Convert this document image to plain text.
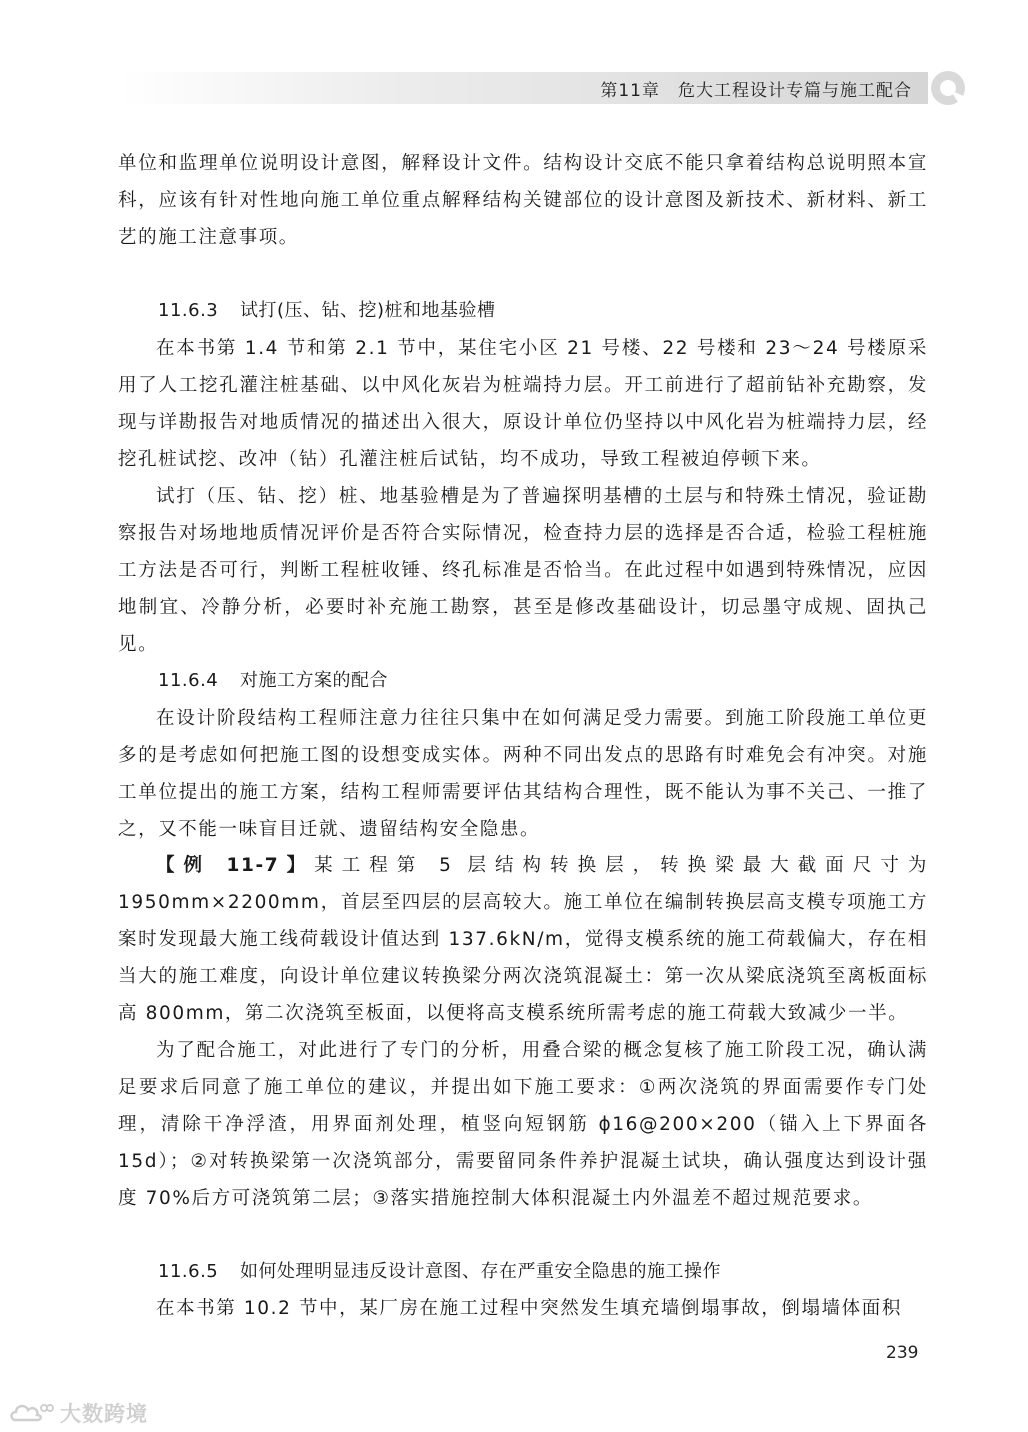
第11章　危大工程设计专篇与施工配合

单位和监理单位说明设计意图，解释设计文件。结构设计交底不能只拿着结构总说明照本宣科，应该有针对性地向施工单位重点解释结构关键部位的设计意图及新技术、新材料、新工艺的施工注意事项。

11.6.3 试打(压、钻、挖)桩和地基验槽

在本书第 1.4 节和第 2.1 节中，某住宅小区 21 号楼、22 号楼和 23～24 号楼原采用了人工挖孔灌注桩基础、以中风化灰岩为桩端持力层。开工前进行了超前钻补充勘察，发现与详勘报告对地质情况的描述出入很大，原设计单位仍坚持以中风化岩为桩端持力层，经挖孔桩试挖、改冲（钻）孔灌注桩后试钻，均不成功，导致工程被迫停顿下来。

试打（压、钻、挖）桩、地基验槽是为了普遍探明基槽的土层与和特殊土情况，验证勘察报告对场地地质情况评价是否符合实际情况，检查持力层的选择是否合适，检验工程桩施工方法是否可行，判断工程桩收锤、终孔标准是否恰当。在此过程中如遇到特殊情况，应因地制宜、冷静分析，必要时补充施工勘察，甚至是修改基础设计，切忌墨守成规、固执己见。

11.6.4 对施工方案的配合

在设计阶段结构工程师注意力往往只集中在如何满足受力需要。到施工阶段施工单位更多的是考虑如何把施工图的设想变成实体。两种不同出发点的思路有时难免会有冲突。对施工单位提出的施工方案，结构工程师需要评估其结构合理性，既不能认为事不关己、一推了之，又不能一味盲目迁就、遗留结构安全隐患。

【例 11-7】某工程第 5 层结构转换层，转换梁最大截面尺寸为 1950mm×2200mm，首层至四层的层高较大。施工单位在编制转换层高支模专项施工方案时发现最大施工线荷载设计值达到 137.6kN/m，觉得支模系统的施工荷载偏大，存在相当大的施工难度，向设计单位建议转换梁分两次浇筑混凝土：第一次从梁底浇筑至离板面标高 800mm，第二次浇筑至板面，以便将高支模系统所需考虑的施工荷载大致减少一半。

为了配合施工，对此进行了专门的分析，用叠合梁的概念复核了施工阶段工况，确认满足要求后同意了施工单位的建议，并提出如下施工要求：①两次浇筑的界面需要作专门处理，清除干净浮渣，用界面剂处理，植竖向短钢筋 ϕ16@200×200（锚入上下界面各 15d）；②对转换梁第一次浇筑部分，需要留同条件养护混凝土试块，确认强度达到设计强度 70%后方可浇筑第二层；③落实措施控制大体积混凝土内外温差不超过规范要求。

11.6.5 如何处理明显违反设计意图、存在严重安全隐患的施工操作

在本书第 10.2 节中，某厂房在施工过程中突然发生填充墙倒塌事故，倒塌墙体面积

239
大数跨境
